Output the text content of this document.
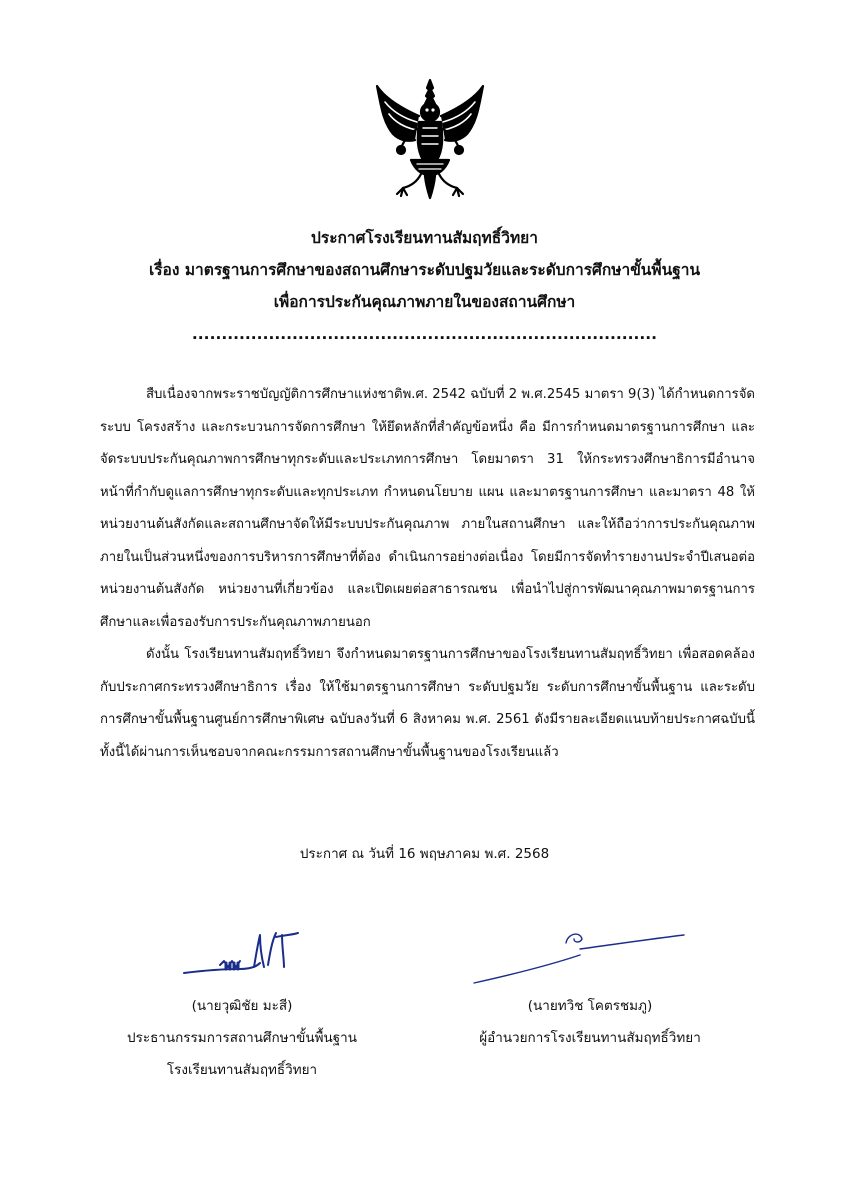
ประกาศโรงเรียนทานสัมฤทธิ์วิทยา
เรื่อง มาตรฐานการศึกษาของสถานศึกษาระดับปฐมวัยและระดับการศึกษาขั้นพื้นฐาน
เพื่อการประกันคุณภาพภายในของสถานศึกษา
...............................................................................

สืบเนื่องจากพระราชบัญญัติการศึกษาแห่งชาติพ.ศ. 2542 ฉบับที่ 2 พ.ศ.2545 มาตรา 9(3) ได้กำหนดการจัดระบบ โครงสร้าง และกระบวนการจัดการศึกษา ให้ยึดหลักที่สำคัญข้อหนึ่ง คือ มีการกำหนดมาตรฐานการศึกษา และจัดระบบประกันคุณภาพการศึกษาทุกระดับและประเภทการศึกษา โดยมาตรา 31 ให้กระทรวงศึกษาธิการมีอำนาจหน้าที่กำกับดูแลการศึกษาทุกระดับและทุกประเภท กำหนดนโยบาย แผน และมาตรฐานการศึกษา และมาตรา 48 ให้หน่วยงานต้นสังกัดและสถานศึกษาจัดให้มีระบบประกันคุณภาพ ภายในสถานศึกษา และให้ถือว่าการประกันคุณภาพภายในเป็นส่วนหนึ่งของการบริหารการศึกษาที่ต้อง ดำเนินการอย่างต่อเนื่อง โดยมีการจัดทำรายงานประจำปีเสนอต่อหน่วยงานต้นสังกัด หน่วยงานที่เกี่ยวข้อง และเปิดเผยต่อสาธารณชน เพื่อนำไปสู่การพัฒนาคุณภาพมาตรฐานการศึกษาและเพื่อรองรับการประกันคุณภาพภายนอก

ดังนั้น โรงเรียนทานสัมฤทธิ์วิทยา จึงกำหนดมาตรฐานการศึกษาของโรงเรียนทานสัมฤทธิ์วิทยา เพื่อสอดคล้องกับประกาศกระทรวงศึกษาธิการ เรื่อง ให้ใช้มาตรฐานการศึกษา ระดับปฐมวัย ระดับการศึกษาขั้นพื้นฐาน และระดับการศึกษาขั้นพื้นฐานศูนย์การศึกษาพิเศษ ฉบับลงวันที่ 6 สิงหาคม พ.ศ. 2561 ดังมีรายละเอียดแนบท้ายประกาศฉบับนี้ ทั้งนี้ได้ผ่านการเห็นชอบจากคณะกรรมการสถานศึกษาขั้นพื้นฐานของโรงเรียนแล้ว

ประกาศ ณ วันที่ 16 พฤษภาคม พ.ศ. 2568
(นายวุฒิชัย มะสี)
ประธานกรรมการสถานศึกษาขั้นพื้นฐาน
โรงเรียนทานสัมฤทธิ์วิทยา
(นายทวิช โคตรชมภู)
ผู้อำนวยการโรงเรียนทานสัมฤทธิ์วิทยา
